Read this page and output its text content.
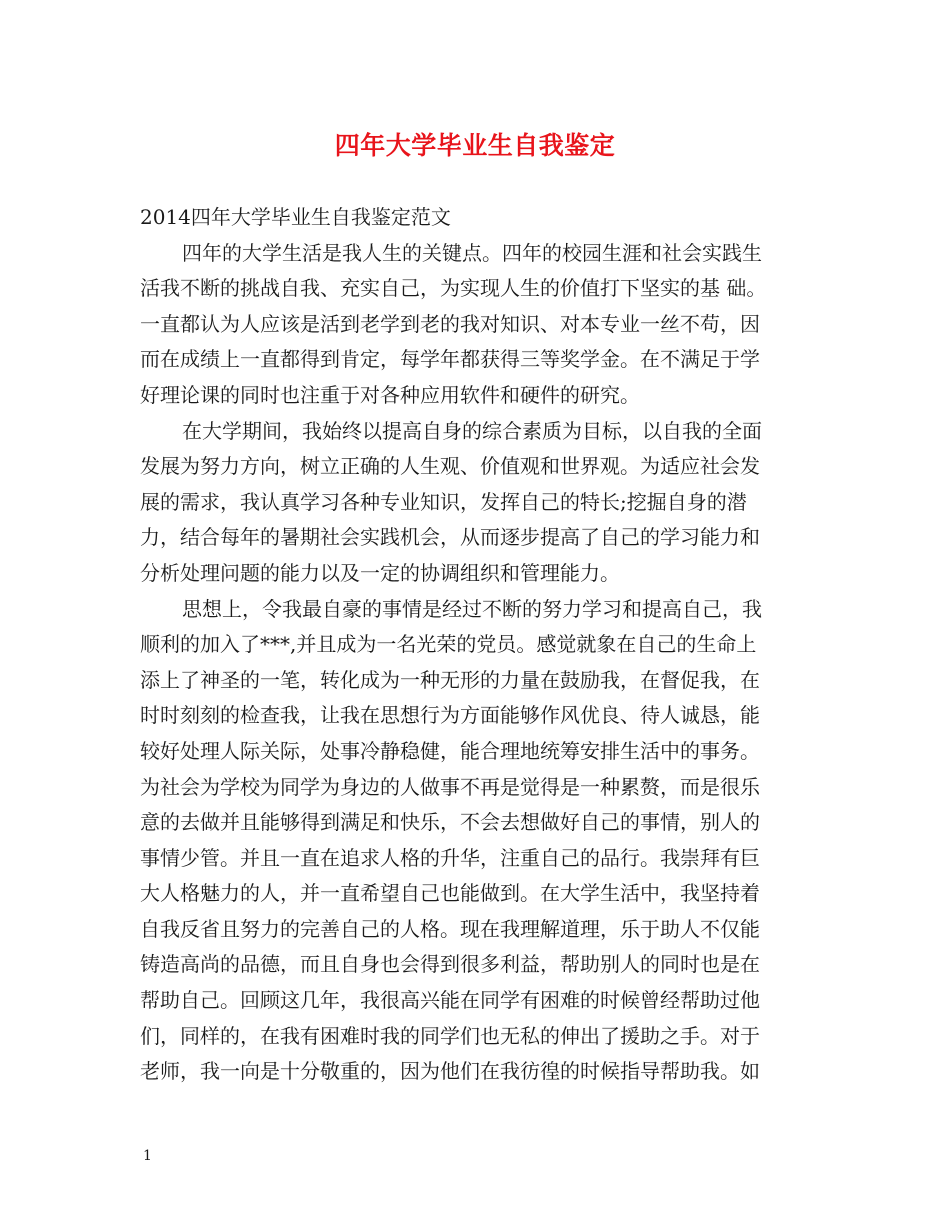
四年大学毕业生自我鉴定
2014四年大学毕业生自我鉴定范文
四年的大学生活是我人生的关键点。四年的校园生涯和社会实践生
活我不断的挑战自我、充实自己，为实现人生的价值打下坚实的基 础。
一直都认为人应该是活到老学到老的我对知识、对本专业一丝不苟，因
而在成绩上一直都得到肯定，每学年都获得三等奖学金。在不满足于学
好理论课的同时也注重于对各种应用软件和硬件的研究。
在大学期间，我始终以提高自身的综合素质为目标，以自我的全面
发展为努力方向，树立正确的人生观、价值观和世界观。为适应社会发
展的需求，我认真学习各种专业知识，发挥自己的特长;挖掘自身的潜
力，结合每年的暑期社会实践机会，从而逐步提高了自己的学习能力和
分析处理问题的能力以及一定的协调组织和管理能力。
思想上，令我最自豪的事情是经过不断的努力学习和提高自己，我
顺利的加入了***,并且成为一名光荣的党员。感觉就象在自己的生命上
添上了神圣的一笔，转化成为一种无形的力量在鼓励我，在督促我，在
时时刻刻的检查我，让我在思想行为方面能够作风优良、待人诚恳，能
较好处理人际关际，处事冷静稳健，能合理地统筹安排生活中的事务。
为社会为学校为同学为身边的人做事不再是觉得是一种累赘，而是很乐
意的去做并且能够得到满足和快乐，不会去想做好自己的事情，别人的
事情少管。并且一直在追求人格的升华，注重自己的品行。我崇拜有巨
大人格魅力的人，并一直希望自己也能做到。在大学生活中，我坚持着
自我反省且努力的完善自己的人格。现在我理解道理，乐于助人不仅能
铸造高尚的品德，而且自身也会得到很多利益，帮助别人的同时也是在
帮助自己。回顾这几年，我很高兴能在同学有困难的时候曾经帮助过他
们，同样的，在我有困难时我的同学们也无私的伸出了援助之手。对于
老师，我一向是十分敬重的，因为他们在我彷徨的时候指导帮助我。如
1
